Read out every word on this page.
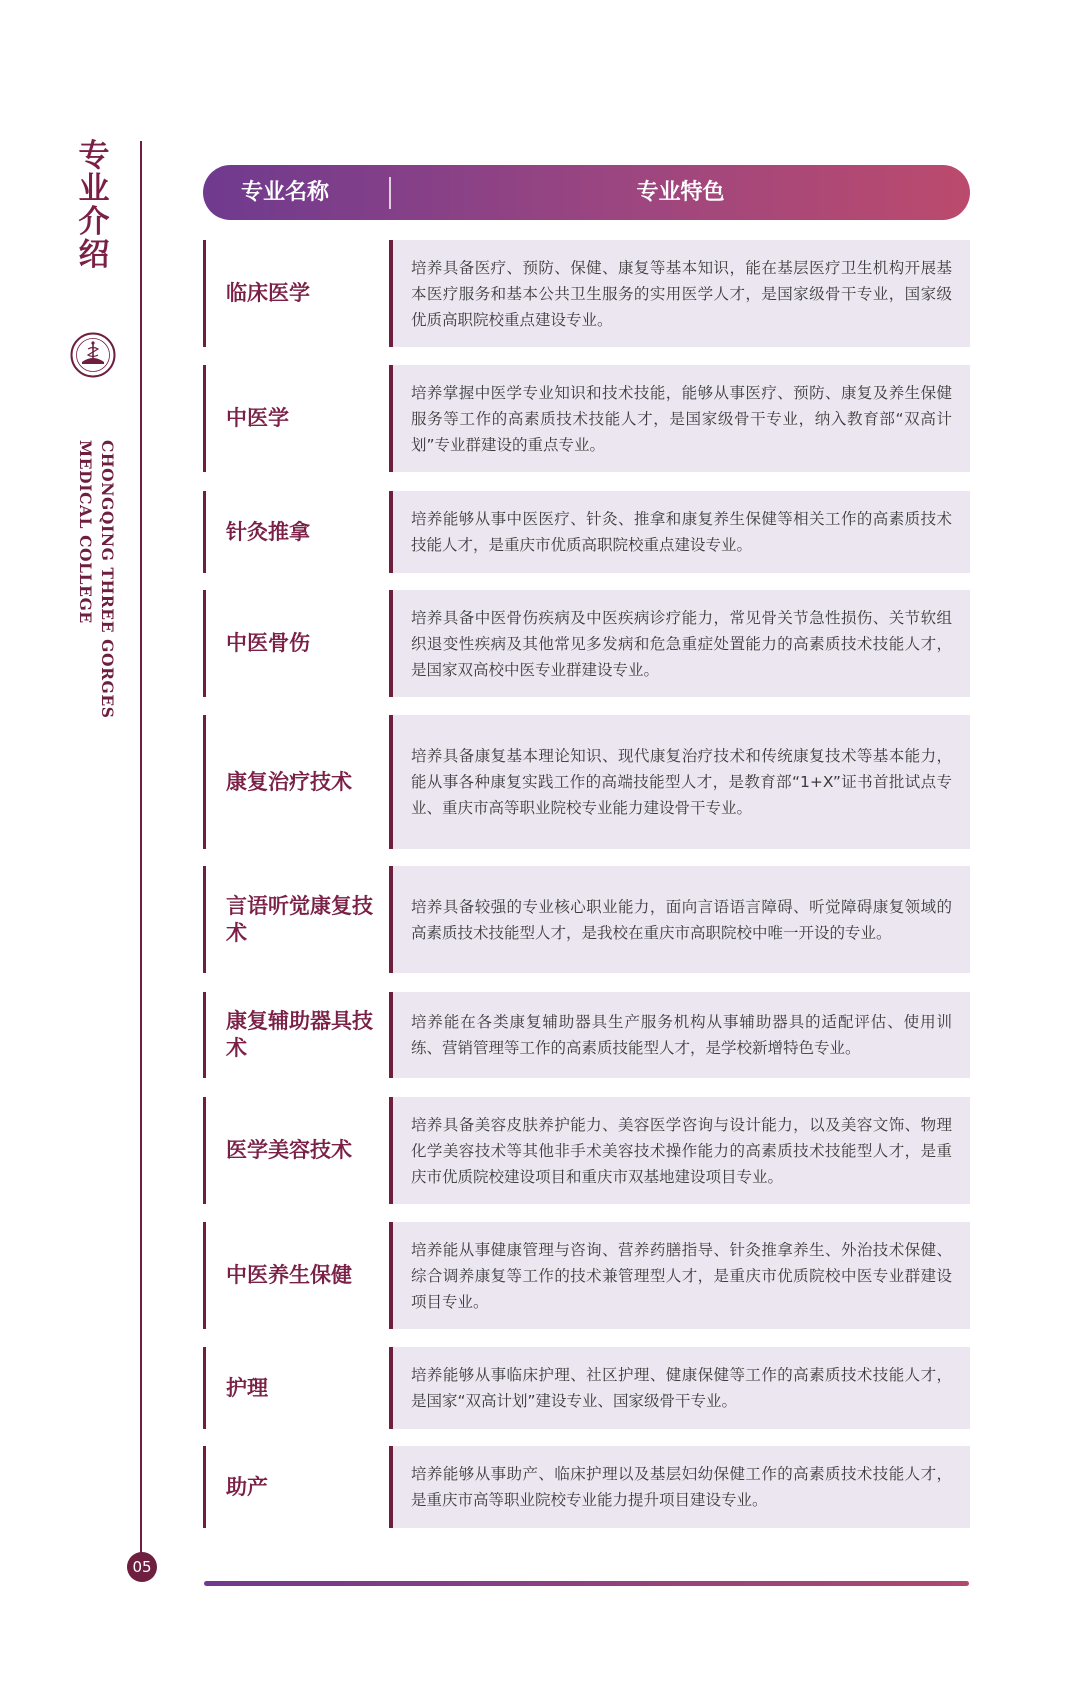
专业介绍
CHONGQING THREE GORGES
MEDICAL COLLEGE
05
专业名称	专业特色
临床医学
培养具备医疗、预防、保健、康复等基本知识，能在基层医疗卫生机构开展基本医疗服务和基本公共卫生服务的实用医学人才，是国家级骨干专业，国家级优质高职院校重点建设专业。
中医学
培养掌握中医学专业知识和技术技能，能够从事医疗、预防、康复及养生保健服务等工作的高素质技术技能人才，是国家级骨干专业，纳入教育部“双高计划”专业群建设的重点专业。
针灸推拿
培养能够从事中医医疗、针灸、推拿和康复养生保健等相关工作的高素质技术技能人才，是重庆市优质高职院校重点建设专业。
中医骨伤
培养具备中医骨伤疾病及中医疾病诊疗能力，常见骨关节急性损伤、关节软组织退变性疾病及其他常见多发病和危急重症处置能力的高素质技术技能人才，是国家双高校中医专业群建设专业。
康复治疗技术
培养具备康复基本理论知识、现代康复治疗技术和传统康复技术等基本能力，能从事各种康复实践工作的高端技能型人才，是教育部“1+X”证书首批试点专业、重庆市高等职业院校专业能力建设骨干专业。
言语听觉康复技术
培养具备较强的专业核心职业能力，面向言语语言障碍、听觉障碍康复领域的高素质技术技能型人才，是我校在重庆市高职院校中唯一开设的专业。
康复辅助器具技术
培养能在各类康复辅助器具生产服务机构从事辅助器具的适配评估、使用训练、营销管理等工作的高素质技能型人才，是学校新增特色专业。
医学美容技术
培养具备美容皮肤养护能力、美容医学咨询与设计能力，以及美容文饰、物理化学美容技术等其他非手术美容技术操作能力的高素质技术技能型人才，是重庆市优质院校建设项目和重庆市双基地建设项目专业。
中医养生保健
培养能从事健康管理与咨询、营养药膳指导、针灸推拿养生、外治技术保健、综合调养康复等工作的技术兼管理型人才，是重庆市优质院校中医专业群建设项目专业。
护理
培养能够从事临床护理、社区护理、健康保健等工作的高素质技术技能人才，是国家“双高计划”建设专业、国家级骨干专业。
助产
培养能够从事助产、临床护理以及基层妇幼保健工作的高素质技术技能人才，是重庆市高等职业院校专业能力提升项目建设专业。
